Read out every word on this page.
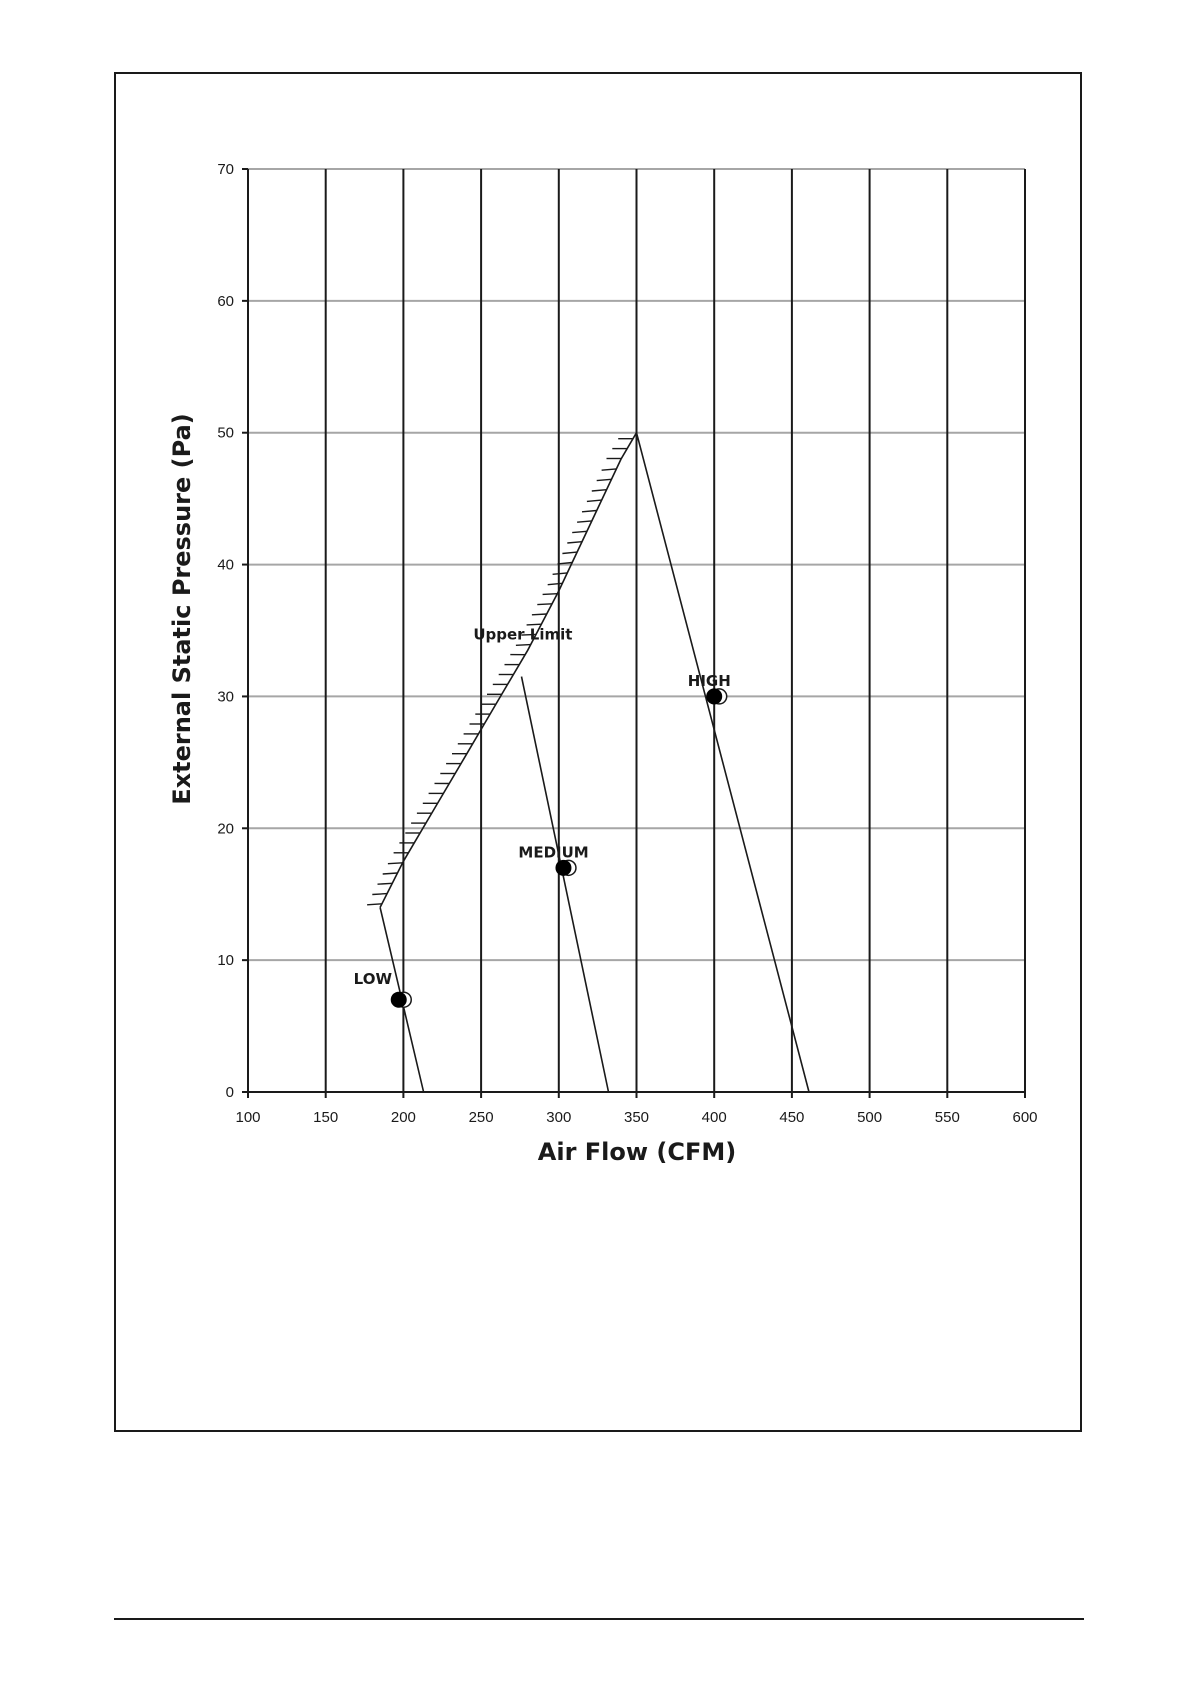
0
10
20
30
40
50
60
70
100	150	200	250	300	350	400	450	500	550	600
Upper Limit
LOW
MEDIUM
HIGH
Air Flow (CFM)
External Static Pressure (Pa)
